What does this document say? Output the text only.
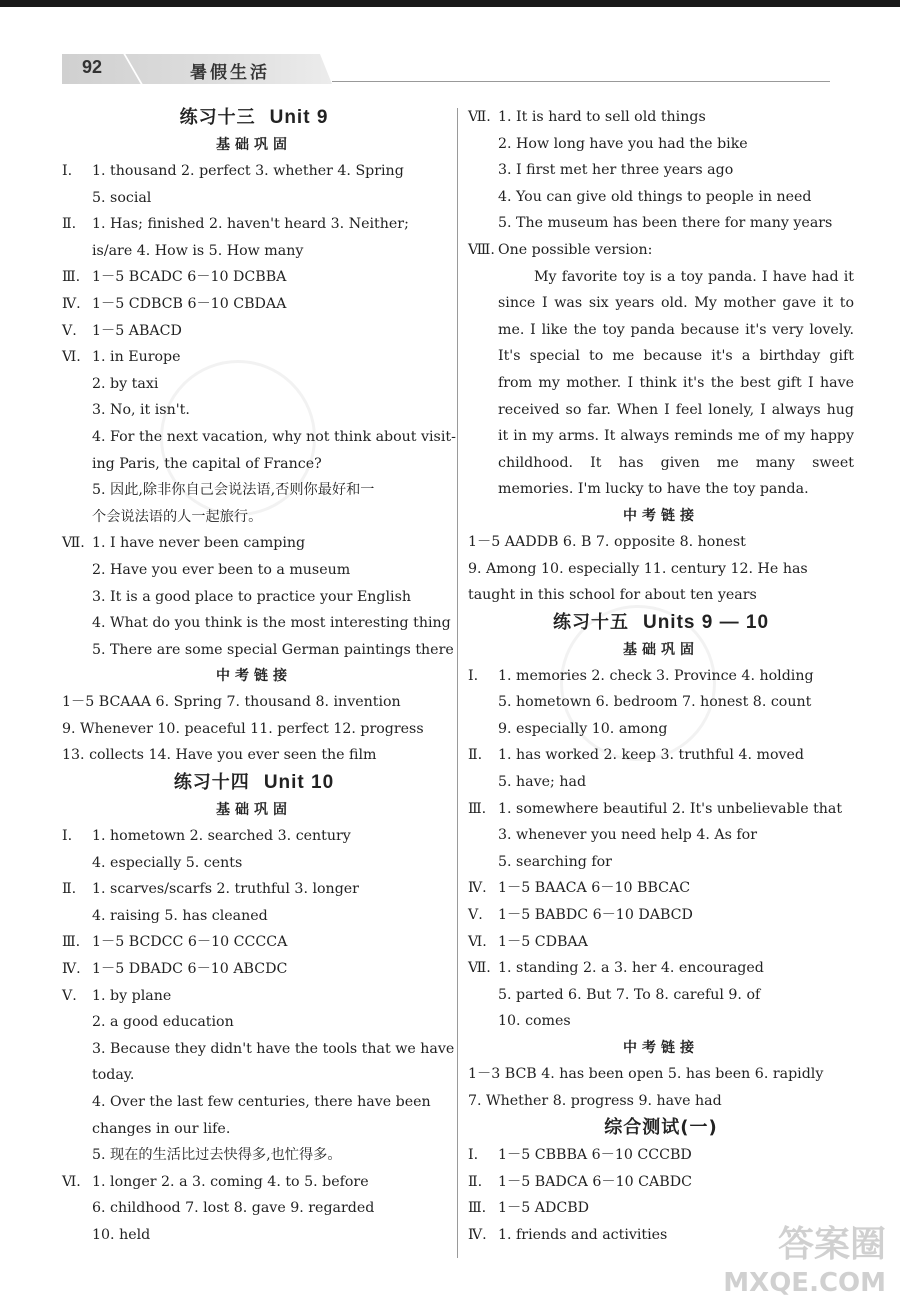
92	暑假生活
练习十三 Unit 9
基础巩固
Ⅰ.	1. thousand 2. perfect 3. whether 4. Spring
5. social
Ⅱ.	1. Has; finished 2. haven't heard 3. Neither;
is/are 4. How is 5. How many
Ⅲ. 1－5 BCADC 6－10 DCBBA
Ⅳ. 1－5 CDBCB 6－10 CBDAA
Ⅴ.	1－5 ABACD
Ⅵ. 1. in Europe
2. by taxi
3. No, it isn't.
4. For the next vacation, why not think about visit-
ing Paris, the capital of France?
5. 因此,除非你自己会说法语,否则你最好和一
个会说法语的人一起旅行。
Ⅶ. 1. I have never been camping
2. Have you ever been to a museum
3. It is a good place to practice your English
4. What do you think is the most interesting thing
5. There are some special German paintings there
中考链接
1－5 BCAAA 6. Spring 7. thousand 8. invention
9. Whenever 10. peaceful 11. perfect 12. progress
13. collects 14. Have you ever seen the film
练习十四 Unit 10
基础巩固
Ⅰ.	1. hometown 2. searched 3. century
4. especially 5. cents
Ⅱ.	1. scarves/scarfs 2. truthful 3. longer
4. raising 5. has cleaned
Ⅲ. 1－5 BCDCC 6－10 CCCCA
Ⅳ. 1－5 DBADC 6－10 ABCDC
Ⅴ.	1. by plane
2. a good education
3. Because they didn't have the tools that we have
today.
4. Over the last few centuries, there have been
changes in our life.
5. 现在的生活比过去快得多,也忙得多。
Ⅵ. 1. longer 2. a 3. coming 4. to 5. before
6. childhood 7. lost 8. gave 9. regarded
10. held
Ⅶ. 1. It is hard to sell old things
2. How long have you had the bike
3. I first met her three years ago
4. You can give old things to people in need
5. The museum has been there for many years
Ⅷ. One possible version:
My favorite toy is a toy panda. I have had it since I was six years old. My mother gave it to me. I like the toy panda because it's very lovely. It's special to me because it's a birthday gift from my mother. I think it's the best gift I have received so far. When I feel lonely, I always hug it in my arms. It always reminds me of my happy childhood. It has given me many sweet memories. I'm lucky to have the toy panda.
中考链接
1－5 AADDB 6. B 7. opposite 8. honest
9. Among 10. especially 11. century 12. He has
taught in this school for about ten years
练习十五 Units 9 — 10
基础巩固
Ⅰ.	1. memories 2. check 3. Province 4. holding
5. hometown 6. bedroom 7. honest 8. count
9. especially 10. among
Ⅱ.	1. has worked 2. keep 3. truthful 4. moved
5. have; had
Ⅲ. 1. somewhere beautiful 2. It's unbelievable that
3. whenever you need help 4. As for
5. searching for
Ⅳ. 1－5 BAACA 6－10 BBCAC
Ⅴ.	1－5 BABDC 6－10 DABCD
Ⅵ. 1－5 CDBAA
Ⅶ. 1. standing 2. a 3. her 4. encouraged
5. parted 6. But 7. To 8. careful 9. of
10. comes
中考链接
1－3 BCB 4. has been open 5. has been 6. rapidly
7. Whether 8. progress 9. have had
综合测试(一)
Ⅰ.	1－5 CBBBA 6－10 CCCBD
Ⅱ.	1－5 BADCA 6－10 CABDC
Ⅲ. 1－5 ADCBD
Ⅳ. 1. friends and activities	答案圈
MXQE.COM
